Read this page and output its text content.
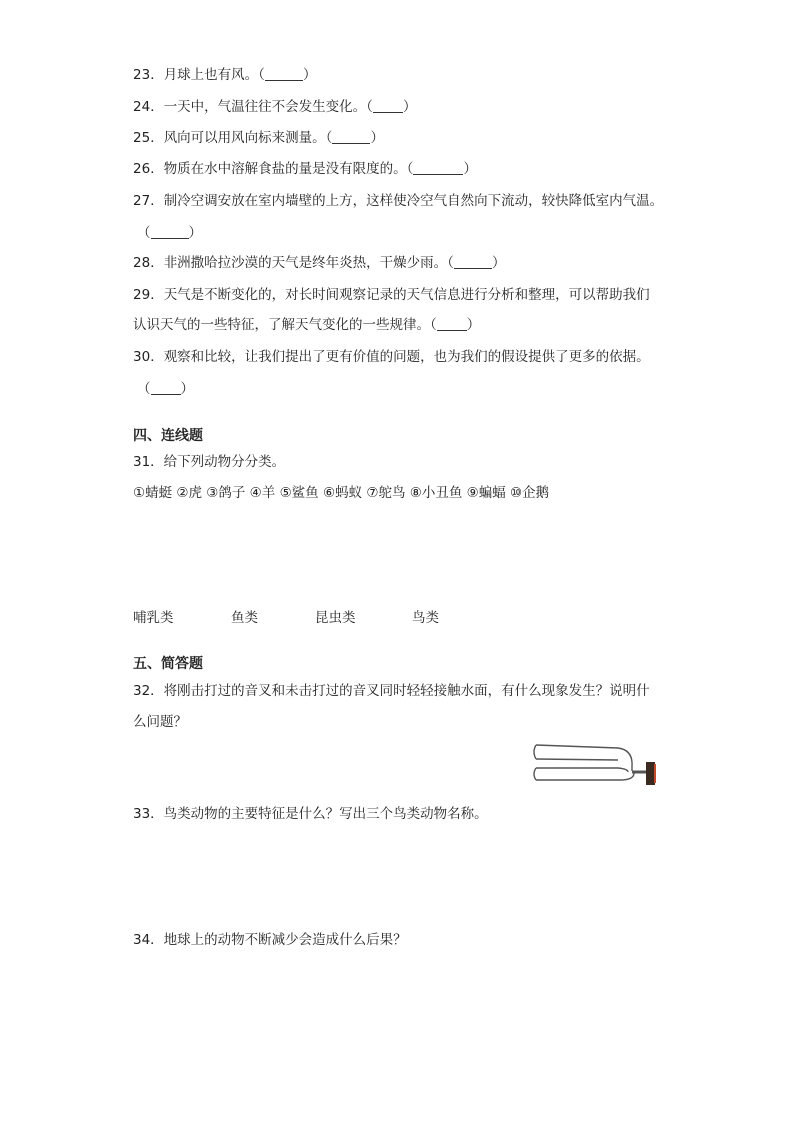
23．月球上也有风。（	）
24．一天中，气温往往不会发生变化。（ ）
25．风向可以用风向标来测量。（	）
26．物质在水中溶解食盐的量是没有限度的。（	）
27．制冷空调安放在室内墙壁的上方，这样使冷空气自然向下流动，较快降低室内气温。
（	）
28．非洲撒哈拉沙漠的天气是终年炎热，干燥少雨。（	）
29．天气是不断变化的，对长时间观察记录的天气信息进行分析和整理，可以帮助我们
认识天气的一些特征，了解天气变化的一些规律。（ ）
30．观察和比较，让我们提出了更有价值的问题，也为我们的假设提供了更多的依据。
（ ）
四、连线题
31．给下列动物分分类。
①蜻蜓 ②虎 ③鸽子 ④羊 ⑤鲨鱼 ⑥蚂蚁 ⑦鸵鸟 ⑧小丑鱼 ⑨蝙蝠 ⑩企鹅
哺乳类	鱼类	昆虫类	鸟类
五、简答题
32．将刚击打过的音叉和未击打过的音叉同时轻轻接触水面，有什么现象发生？说明什
么问题？
33．鸟类动物的主要特征是什么？写出三个鸟类动物名称。
34．地球上的动物不断减少会造成什么后果？
